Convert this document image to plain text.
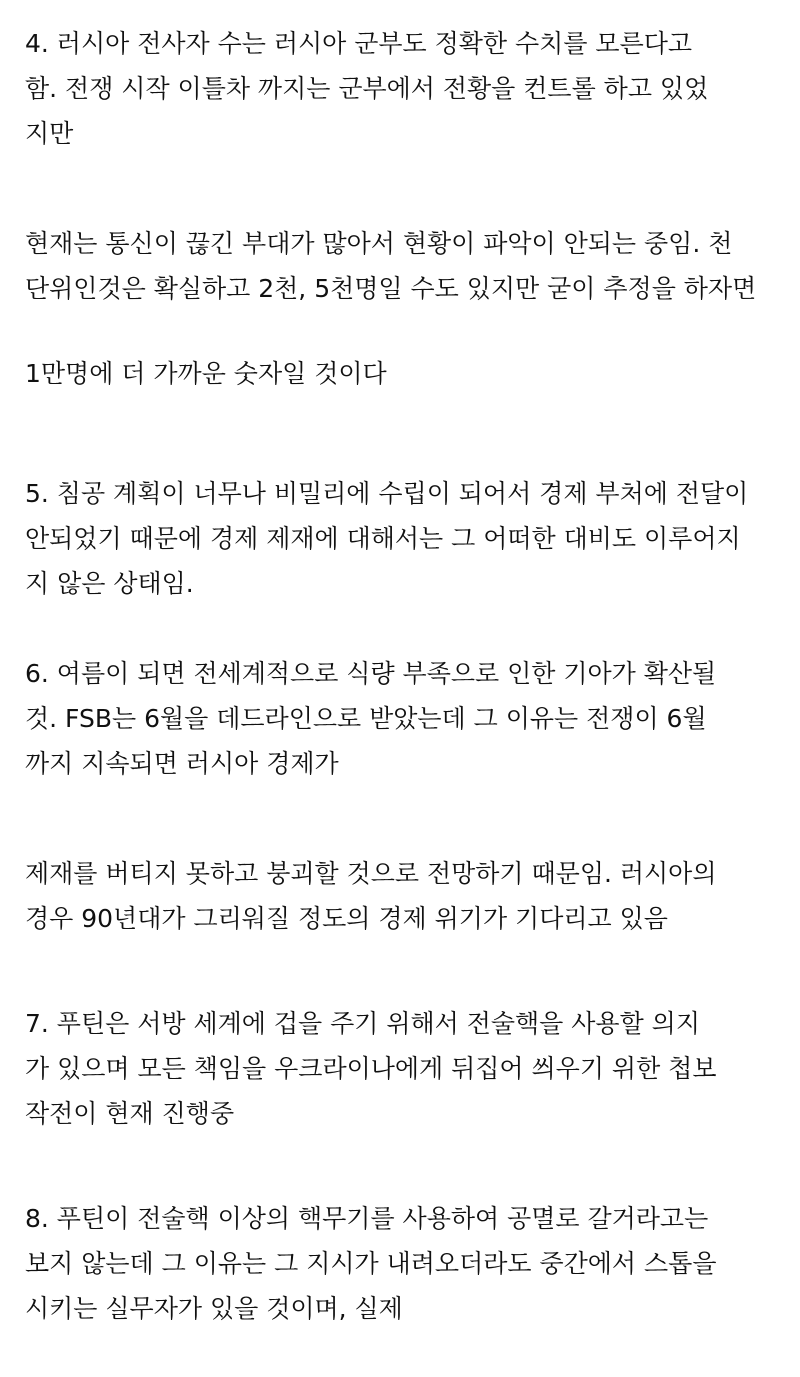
4. 러시아 전사자 수는 러시아 군부도 정확한 수치를 모른다고
함. 전쟁 시작 이틀차 까지는 군부에서 전황을 컨트롤 하고 있었
지만
현재는 통신이 끊긴 부대가 많아서 현황이 파악이 안되는 중임. 천
단위인것은 확실하고 2천, 5천명일 수도 있지만 굳이 추정을 하자면
1만명에 더 가까운 숫자일 것이다
5. 침공 계획이 너무나 비밀리에 수립이 되어서 경제 부처에 전달이
안되었기 때문에 경제 제재에 대해서는 그 어떠한 대비도 이루어지
지 않은 상태임.
6. 여름이 되면 전세계적으로 식량 부족으로 인한 기아가 확산될
것. FSB는 6월을 데드라인으로 받았는데 그 이유는 전쟁이 6월
까지 지속되면 러시아 경제가
제재를 버티지 못하고 붕괴할 것으로 전망하기 때문임. 러시아의
경우 90년대가 그리워질 정도의 경제 위기가 기다리고 있음
7. 푸틴은 서방 세계에 겁을 주기 위해서 전술핵을 사용할 의지
가 있으며 모든 책임을 우크라이나에게 뒤집어 씌우기 위한 첩보
작전이 현재 진행중
8. 푸틴이 전술핵 이상의 핵무기를 사용하여 공멸로 갈거라고는
보지 않는데 그 이유는 그 지시가 내려오더라도 중간에서 스톱을
시키는 실무자가 있을 것이며, 실제
